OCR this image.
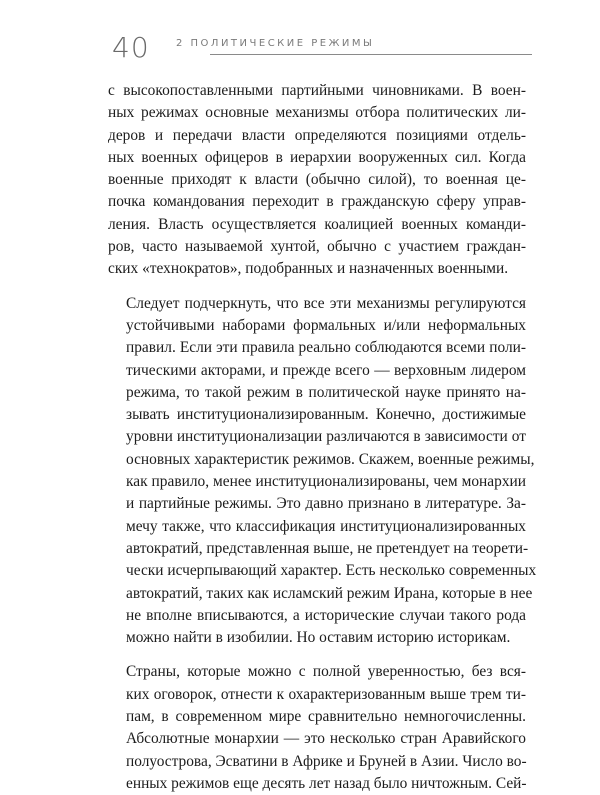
40	2 ПОЛИТИЧЕСКИЕ РЕЖИМЫ

с высокопоставленными партийными чиновниками. В воен-
ных режимах основные механизмы отбора политических ли-
деров и передачи власти определяются позициями отдель-
ных военных офицеров в иерархии вооруженных сил. Когда
военные приходят к власти (обычно силой), то военная це-
почка командования переходит в гражданскую сферу управ-
ления. Власть осуществляется коалицией военных команди-
ров, часто называемой хунтой, обычно с участием граждан-
ских «технократов», подобранных и назначенных военными.

Следует подчеркнуть, что все эти механизмы регулируются
устойчивыми наборами формальных и/или неформальных
правил. Если эти правила реально соблюдаются всеми поли-
тическими акторами, и прежде всего — верховным лидером
режима, то такой режим в политической науке принято на-
зывать институционализированным. Конечно, достижимые
уровни институционализации различаются в зависимости от
основных характеристик режимов. Скажем, военные режимы,
как правило, менее институционализированы, чем монархии
и партийные режимы. Это давно признано в литературе. За-
мечу также, что классификация институционализированных
автократий, представленная выше, не претендует на теорети-
чески исчерпывающий характер. Есть несколько современных
автократий, таких как исламский режим Ирана, которые в нее
не вполне вписываются, а исторические случаи такого рода
можно найти в изобилии. Но оставим историю историкам.

Страны, которые можно с полной уверенностью, без вся-
ких оговорок, отнести к охарактеризованным выше трем ти-
пам, в современном мире сравнительно немногочисленны.
Абсолютные монархии — это несколько стран Аравийского
полуострова, Эсватини в Африке и Бруней в Азии. Число во-
енных режимов еще десять лет назад было ничтожным. Сей-
